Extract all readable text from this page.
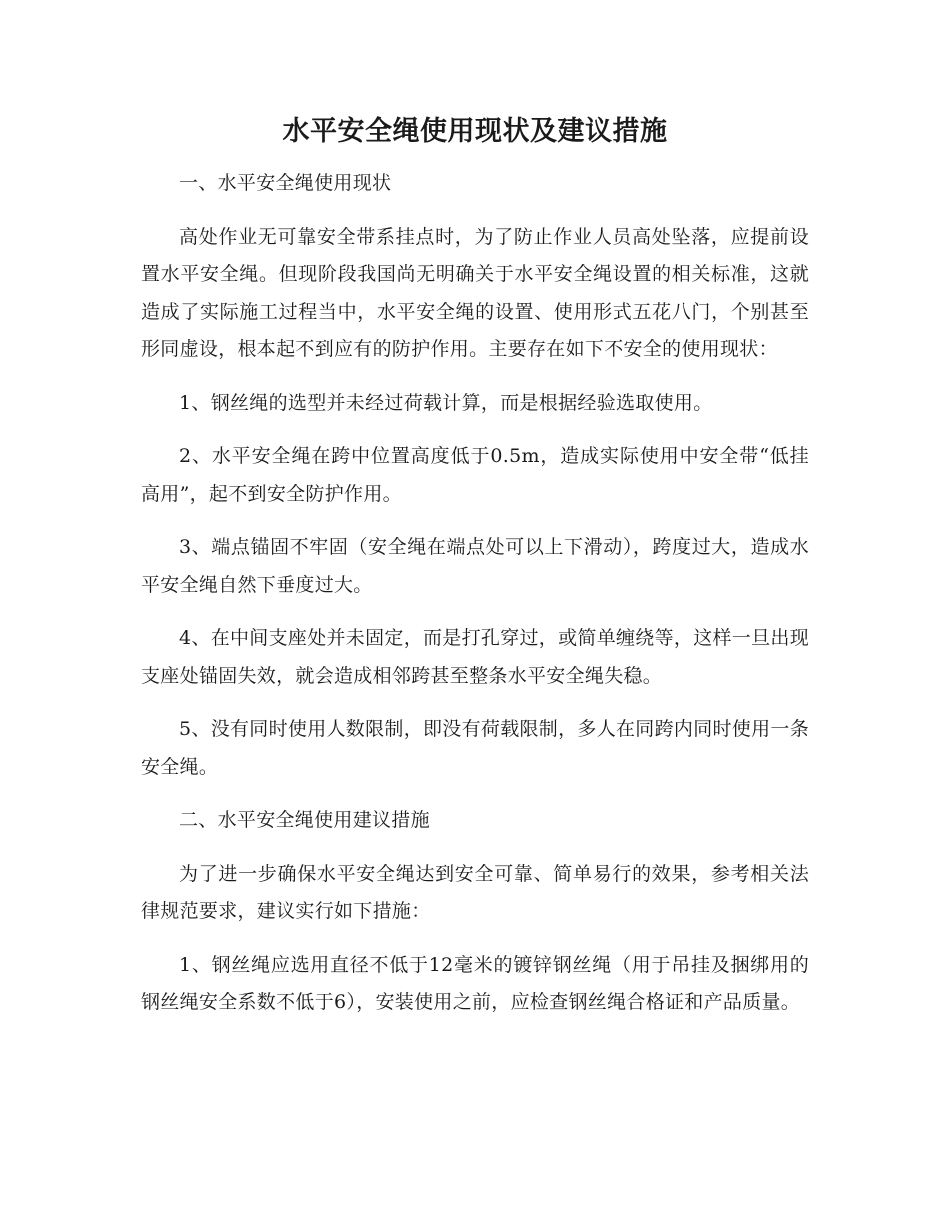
水平安全绳使用现状及建议措施

一、水平安全绳使用现状

高处作业无可靠安全带系挂点时，为了防止作业人员高处坠落，应提前设置水平安全绳。但现阶段我国尚无明确关于水平安全绳设置的相关标准，这就造成了实际施工过程当中，水平安全绳的设置、使用形式五花八门，个别甚至形同虚设，根本起不到应有的防护作用。主要存在如下不安全的使用现状：

1、钢丝绳的选型并未经过荷载计算，而是根据经验选取使用。

2、水平安全绳在跨中位置高度低于0.5m，造成实际使用中安全带“低挂高用”，起不到安全防护作用。

3、端点锚固不牢固（安全绳在端点处可以上下滑动），跨度过大，造成水平安全绳自然下垂度过大。

4、在中间支座处并未固定，而是打孔穿过，或简单缠绕等，这样一旦出现支座处锚固失效，就会造成相邻跨甚至整条水平安全绳失稳。

5、没有同时使用人数限制，即没有荷载限制，多人在同跨内同时使用一条安全绳。

二、水平安全绳使用建议措施

为了进一步确保水平安全绳达到安全可靠、简单易行的效果，参考相关法律规范要求，建议实行如下措施：

1、钢丝绳应选用直径不低于12毫米的镀锌钢丝绳（用于吊挂及捆绑用的钢丝绳安全系数不低于6），安装使用之前，应检查钢丝绳合格证和产品质量。
